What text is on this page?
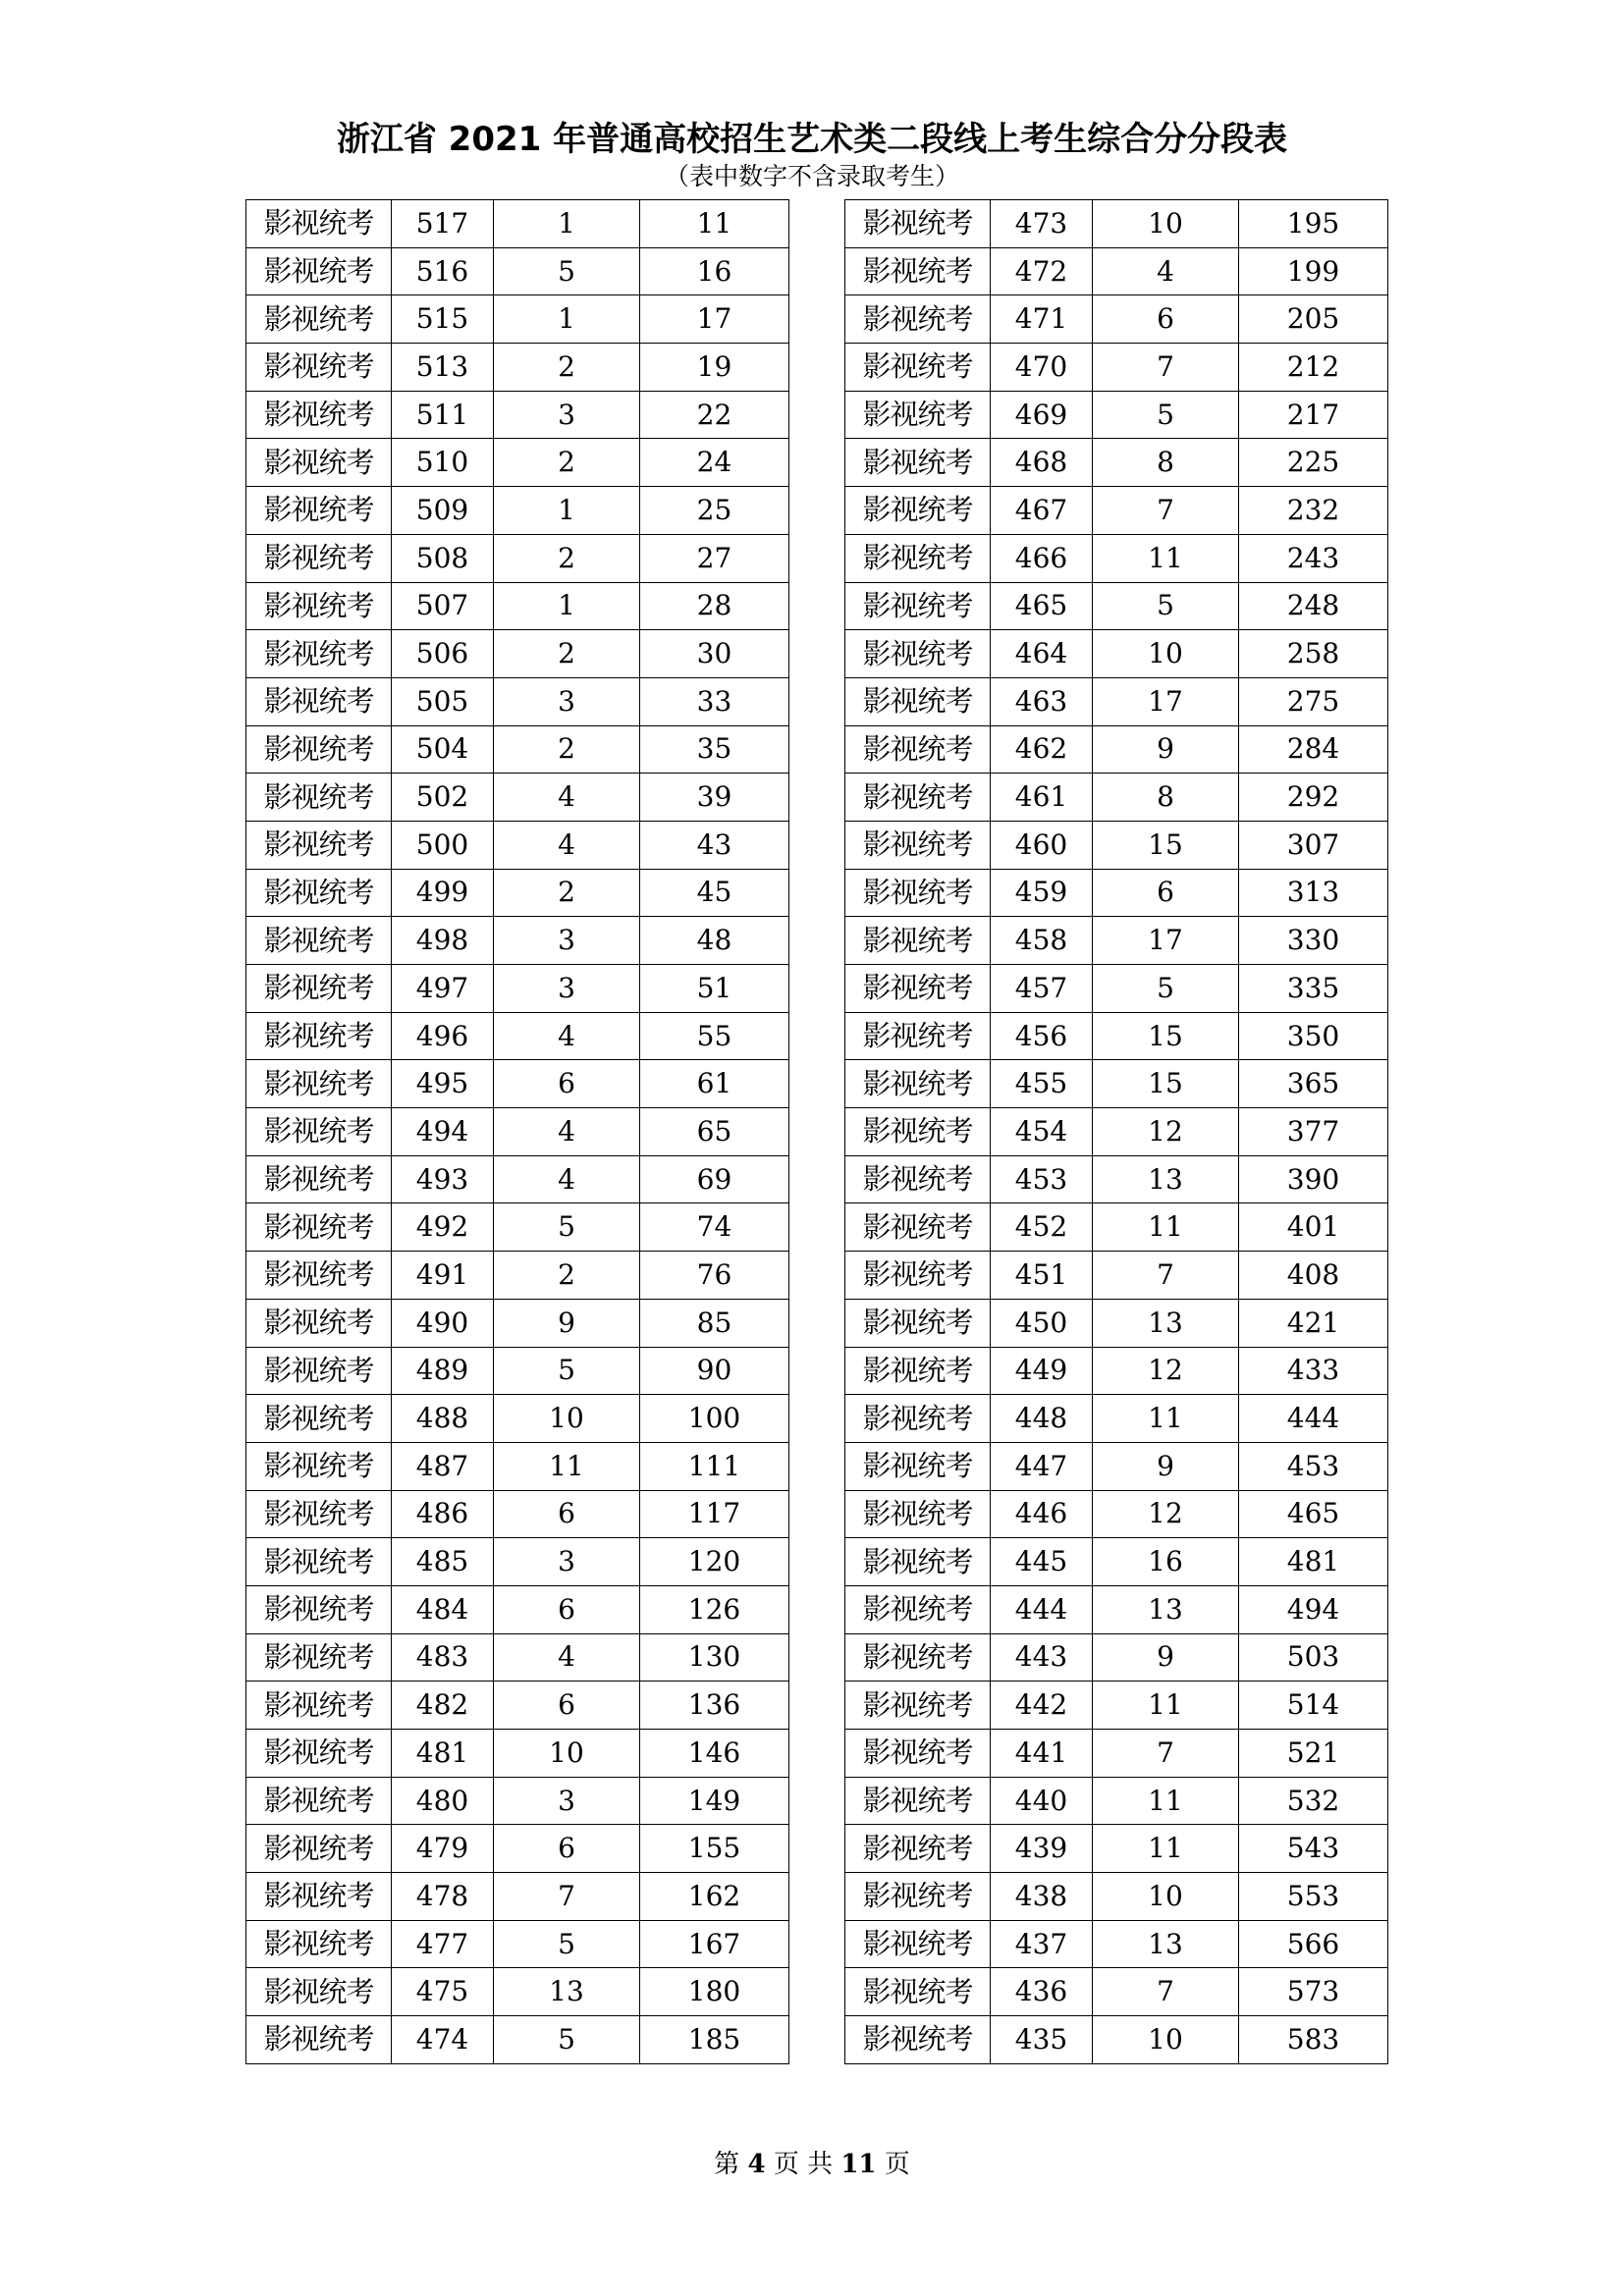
浙江省 2021 年普通高校招生艺术类二段线上考生综合分分段表
（表中数字不含录取考生）
影视统考	517	1	11
影视统考	516	5	16
影视统考	515	1	17
影视统考	513	2	19
影视统考	511	3	22
影视统考	510	2	24
影视统考	509	1	25
影视统考	508	2	27
影视统考	507	1	28
影视统考	506	2	30
影视统考	505	3	33
影视统考	504	2	35
影视统考	502	4	39
影视统考	500	4	43
影视统考	499	2	45
影视统考	498	3	48
影视统考	497	3	51
影视统考	496	4	55
影视统考	495	6	61
影视统考	494	4	65
影视统考	493	4	69
影视统考	492	5	74
影视统考	491	2	76
影视统考	490	9	85
影视统考	489	5	90
影视统考	488	10	100
影视统考	487	11	111
影视统考	486	6	117
影视统考	485	3	120
影视统考	484	6	126
影视统考	483	4	130
影视统考	482	6	136
影视统考	481	10	146
影视统考	480	3	149
影视统考	479	6	155
影视统考	478	7	162
影视统考	477	5	167
影视统考	475	13	180
影视统考	474	5	185
影视统考	473	10	195
影视统考	472	4	199
影视统考	471	6	205
影视统考	470	7	212
影视统考	469	5	217
影视统考	468	8	225
影视统考	467	7	232
影视统考	466	11	243
影视统考	465	5	248
影视统考	464	10	258
影视统考	463	17	275
影视统考	462	9	284
影视统考	461	8	292
影视统考	460	15	307
影视统考	459	6	313
影视统考	458	17	330
影视统考	457	5	335
影视统考	456	15	350
影视统考	455	15	365
影视统考	454	12	377
影视统考	453	13	390
影视统考	452	11	401
影视统考	451	7	408
影视统考	450	13	421
影视统考	449	12	433
影视统考	448	11	444
影视统考	447	9	453
影视统考	446	12	465
影视统考	445	16	481
影视统考	444	13	494
影视统考	443	9	503
影视统考	442	11	514
影视统考	441	7	521
影视统考	440	11	532
影视统考	439	11	543
影视统考	438	10	553
影视统考	437	13	566
影视统考	436	7	573
影视统考	435	10	583
第 4 页 共 11 页
